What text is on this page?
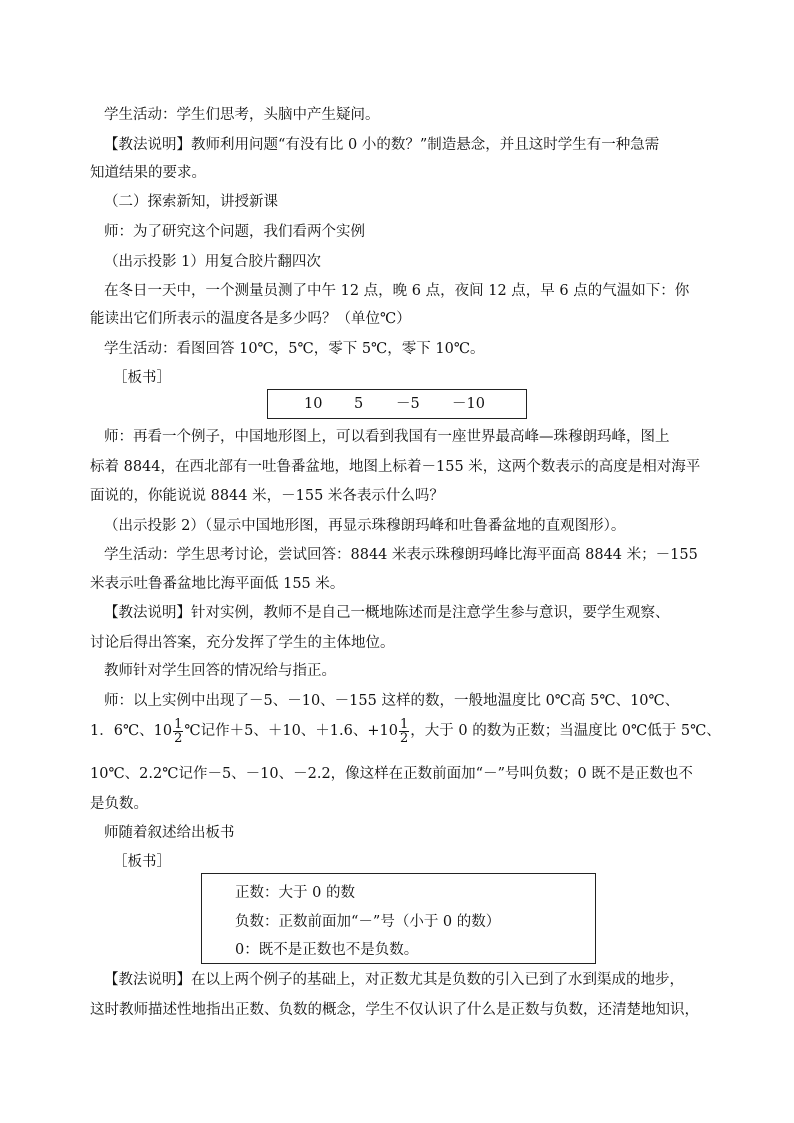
学生活动：学生们思考，头脑中产生疑问。
【教法说明】教师利用问题“有没有比 0 小的数？”制造悬念，并且这时学生有一种急需
知道结果的要求。
（二）探索新知，讲授新课
师：为了研究这个问题，我们看两个实例
（出示投影 1）用复合胶片翻四次
在冬日一天中，一个测量员测了中午 12 点，晚 6 点，夜间 12 点，早 6 点的气温如下：你
能读出它们所表示的温度各是多少吗？（单位℃）
学生活动：看图回答 10℃，5℃，零下 5℃，零下 10℃。
［板书］
10 5 －5 －10
师：再看一个例子，中国地形图上，可以看到我国有一座世界最高峰—珠穆朗玛峰，图上
标着 8844，在西北部有一吐鲁番盆地，地图上标着－155 米，这两个数表示的高度是相对海平
面说的，你能说说 8844 米，－155 米各表示什么吗？
（出示投影 2）（显示中国地形图，再显示珠穆朗玛峰和吐鲁番盆地的直观图形）。
学生活动：学生思考讨论，尝试回答：8844 米表示珠穆朗玛峰比海平面高 8844 米；－155
米表示吐鲁番盆地比海平面低 155 米。
【教法说明】针对实例，教师不是自己一概地陈述而是注意学生参与意识，要学生观察、
讨论后得出答案，充分发挥了学生的主体地位。
教师针对学生回答的情况给与指正。
师：以上实例中出现了－5、－10、－155 这样的数，一般地温度比 0℃高 5℃、10℃、
1．6℃、$10 \frac{1}{2}$ ℃记作＋5、＋10、＋1.6、$+10 \frac{1}{2}$ ，大于 0 的数为正数；当温度比 0℃低于 5℃、
10℃、2.2℃记作－5、－10、－2.2，像这样在正数前面加“－”号叫负数；0 既不是正数也不
是负数。
师随着叙述给出板书
［板书］
正数：大于 0 的数
负数：正数前面加“－”号（小于 0 的数）
0：既不是正数也不是负数。
【教法说明】在以上两个例子的基础上，对正数尤其是负数的引入已到了水到渠成的地步，
这时教师描述性地指出正数、负数的概念，学生不仅认识了什么是正数与负数，还清楚地知识，
